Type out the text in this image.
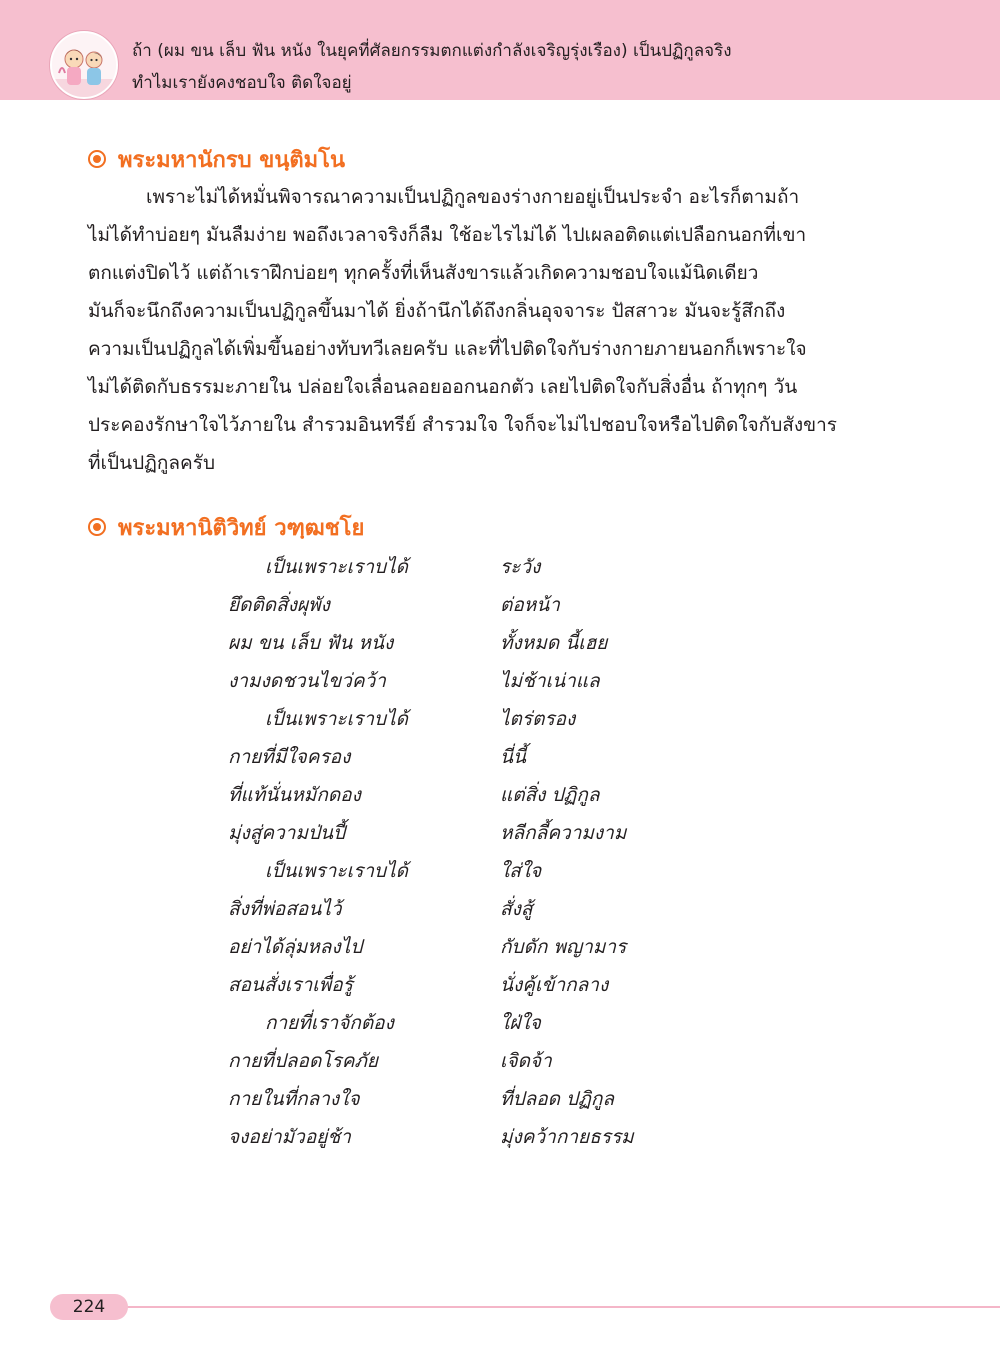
ถ้า (ผม ขน เล็บ ฟัน หนัง ในยุคที่ศัลยกรรมตกแต่งกำลังเจริญรุ่งเรือง) เป็นปฏิกูลจริง
ทำไมเรายังคงชอบใจ ติดใจอยู่
พระมหานักรบ ขนฺติมโน
เพราะไม่ได้หมั่นพิจารณาความเป็นปฏิกูลของร่างกายอยู่เป็นประจำ อะไรก็ตามถ้า
ไม่ได้ทำบ่อยๆ มันลืมง่าย พอถึงเวลาจริงก็ลืม ใช้อะไรไม่ได้ ไปเผลอติดแต่เปลือกนอกที่เขา
ตกแต่งปิดไว้ แต่ถ้าเราฝึกบ่อยๆ ทุกครั้งที่เห็นสังขารแล้วเกิดความชอบใจแม้นิดเดียว
มันก็จะนึกถึงความเป็นปฏิกูลขึ้นมาได้ ยิ่งถ้านึกได้ถึงกลิ่นอุจจาระ ปัสสาวะ มันจะรู้สึกถึง
ความเป็นปฏิกูลได้เพิ่มขึ้นอย่างทับทวีเลยครับ และที่ไปติดใจกับร่างกายภายนอกก็เพราะใจ
ไม่ได้ติดกับธรรมะภายใน ปล่อยใจเลื่อนลอยออกนอกตัว เลยไปติดใจกับสิ่งอื่น ถ้าทุกๆ วัน
ประคองรักษาใจไว้ภายใน สำรวมอินทรีย์ สำรวมใจ ใจก็จะไม่ไปชอบใจหรือไปติดใจกับสังขาร
ที่เป็นปฏิกูลครับ
พระมหานิติวิทย์ วฑฺฒชโย
เป็นเพราะเราบได้	ระวัง
ยึดติดสิ่งผุพัง	ต่อหน้า
ผม ขน เล็บ ฟัน หนัง	ทั้งหมด นี้เฮย
งามงดชวนไขว่คว้า	ไม่ช้าเน่าแล
เป็นเพราะเราบได้	ไตร่ตรอง
กายที่มีใจครอง	นี่นี้
ที่แท้นั่นหมักดอง	แต่สิ่ง ปฏิกูล
มุ่งสู่ความป่นปี้	หลีกลี้ความงาม
เป็นเพราะเราบได้	ใส่ใจ
สิ่งที่พ่อสอนไว้	สั่งสู้
อย่าได้ลุ่มหลงไป	กับดัก พญามาร
สอนสั่งเราเพื่อรู้	นั่งคู้เข้ากลาง
กายที่เราจักต้อง	ใฝ่ใจ
กายที่ปลอดโรคภัย	เจิดจ้า
กายในที่กลางใจ	ที่ปลอด ปฏิกูล
จงอย่ามัวอยู่ช้า	มุ่งคว้ากายธรรม
224
